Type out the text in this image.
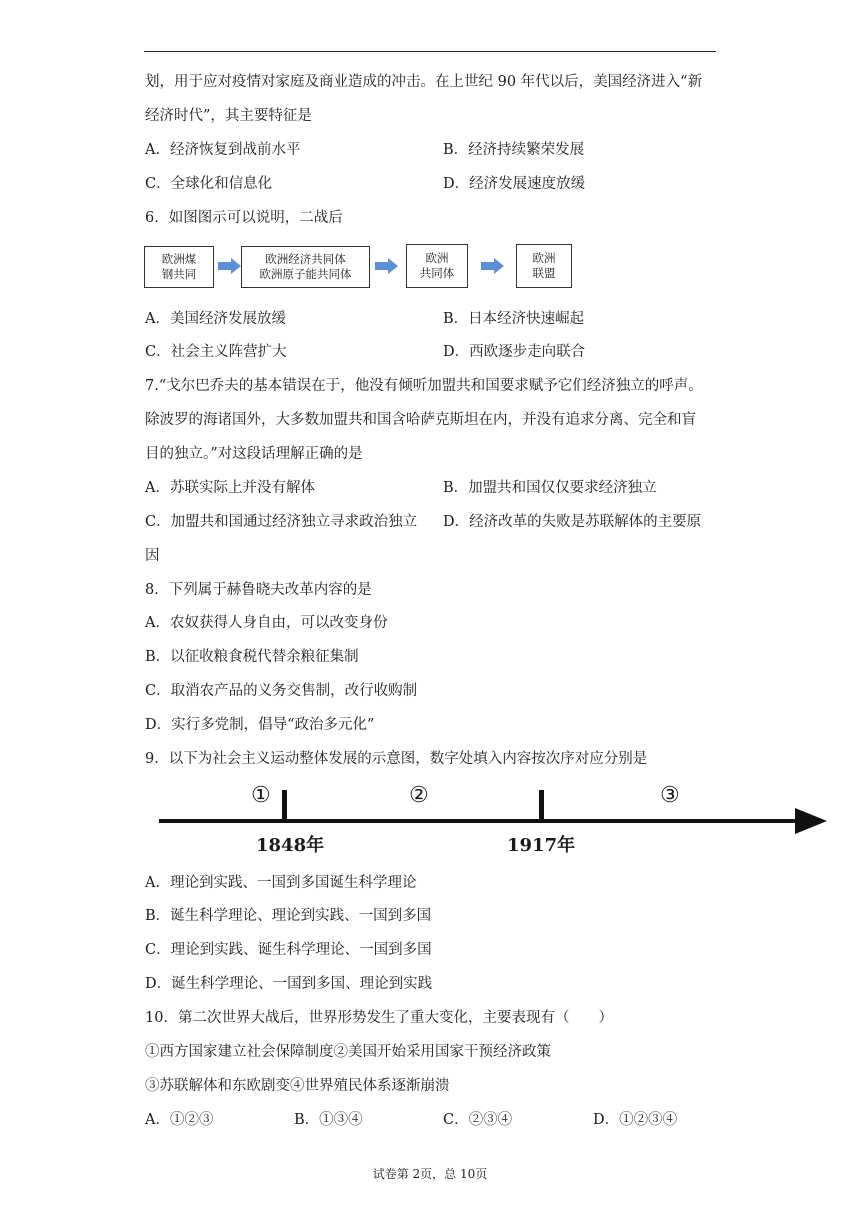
划，用于应对疫情对家庭及商业造成的冲击。在上世纪 90 年代以后，美国经济进入“新
经济时代”，其主要特征是
A．经济恢复到战前水平	B．经济持续繁荣发展
C．全球化和信息化	D．经济发展速度放缓
6．如图图示可以说明，二战后
欧洲煤
钢共同
欧洲经济共同体
欧洲原子能共同体
欧洲
共同体
欧洲
联盟
A．美国经济发展放缓	B．日本经济快速崛起
C．社会主义阵营扩大	D．西欧逐步走向联合
7.“戈尔巴乔夫的基本错误在于，他没有倾听加盟共和国要求赋予它们经济独立的呼声。
除波罗的海诸国外，大多数加盟共和国含哈萨克斯坦在内，并没有追求分离、完全和盲
目的独立。”对这段话理解正确的是
A．苏联实际上并没有解体	B．加盟共和国仅仅要求经济独立
C．加盟共和国通过经济独立寻求政治独立 D．经济改革的失败是苏联解体的主要原
因
8．下列属于赫鲁晓夫改革内容的是
A．农奴获得人身自由，可以改变身份
B．以征收粮食税代替余粮征集制
C．取消农产品的义务交售制，改行收购制
D．实行多党制，倡导“政治多元化”
9．以下为社会主义运动整体发展的示意图，数字处填入内容按次序对应分别是
①	②	③
1848年	1917年
A．理论到实践、一国到多国诞生科学理论
B．诞生科学理论、理论到实践、一国到多国
C．理论到实践、诞生科学理论、一国到多国
D．诞生科学理论、一国到多国、理论到实践
10．第二次世界大战后，世界形势发生了重大变化，主要表现有（　　）
①西方国家建立社会保障制度②美国开始采用国家干预经济政策
③苏联解体和东欧剧变④世界殖民体系逐渐崩溃
A．①②③	B．①③④	C．②③④	D．①②③④
试卷第 2页，总 10页
